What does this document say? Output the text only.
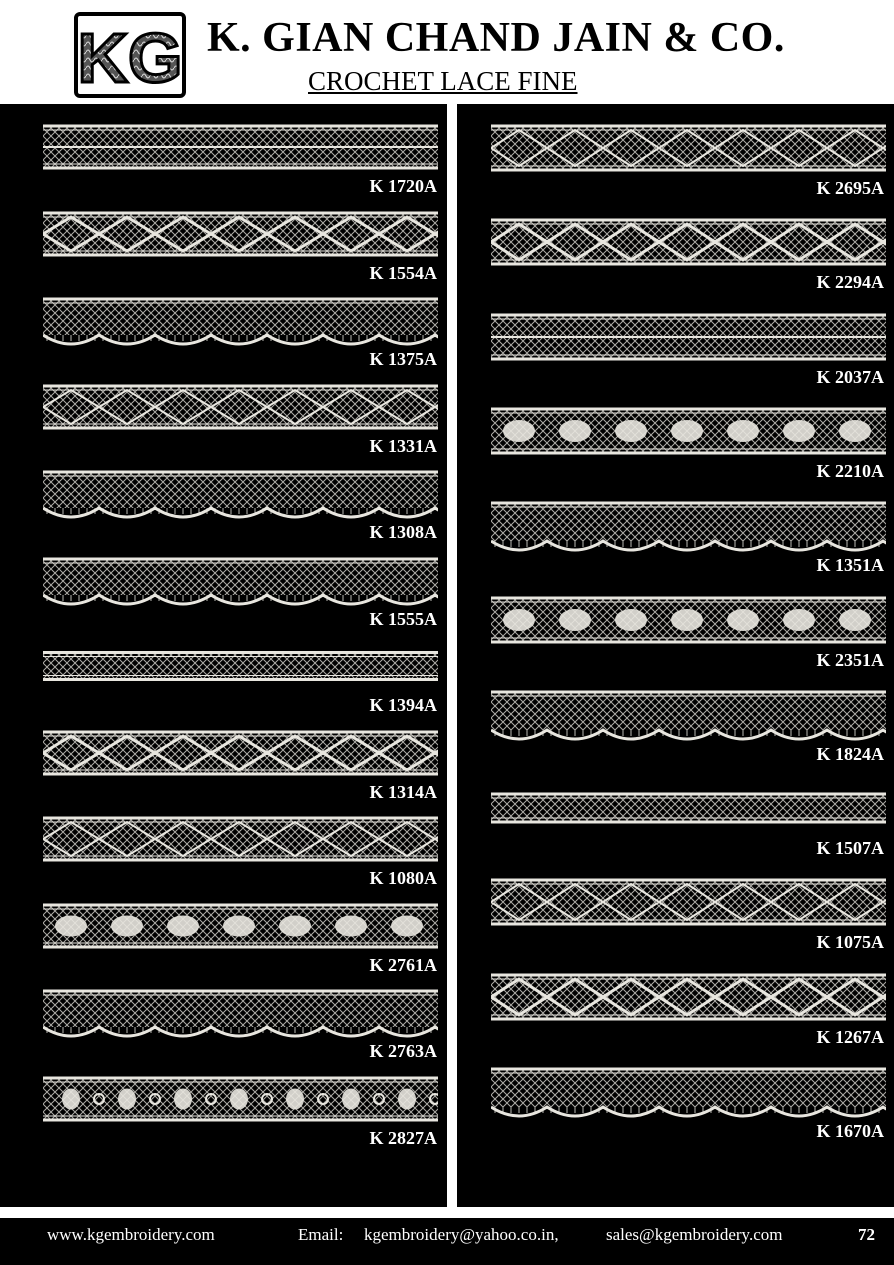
KG K. GIAN CHAND JAIN & CO.
CROCHET LACE FINE
K 1720A
K 1554A
K 1375A
K 1331A
K 1308A
K 1555A
K 1394A
K 1314A
K 1080A
K 2761A
K 2763A
K 2827A
K 2695A
K 2294A
K 2037A
K 2210A
K 1351A
K 2351A
K 1824A
K 1507A
K 1075A
K 1267A
K 1670A
www.kgembroidery.com	Email: kgembroidery@yahoo.co.in,	sales@kgembroidery.com	72
